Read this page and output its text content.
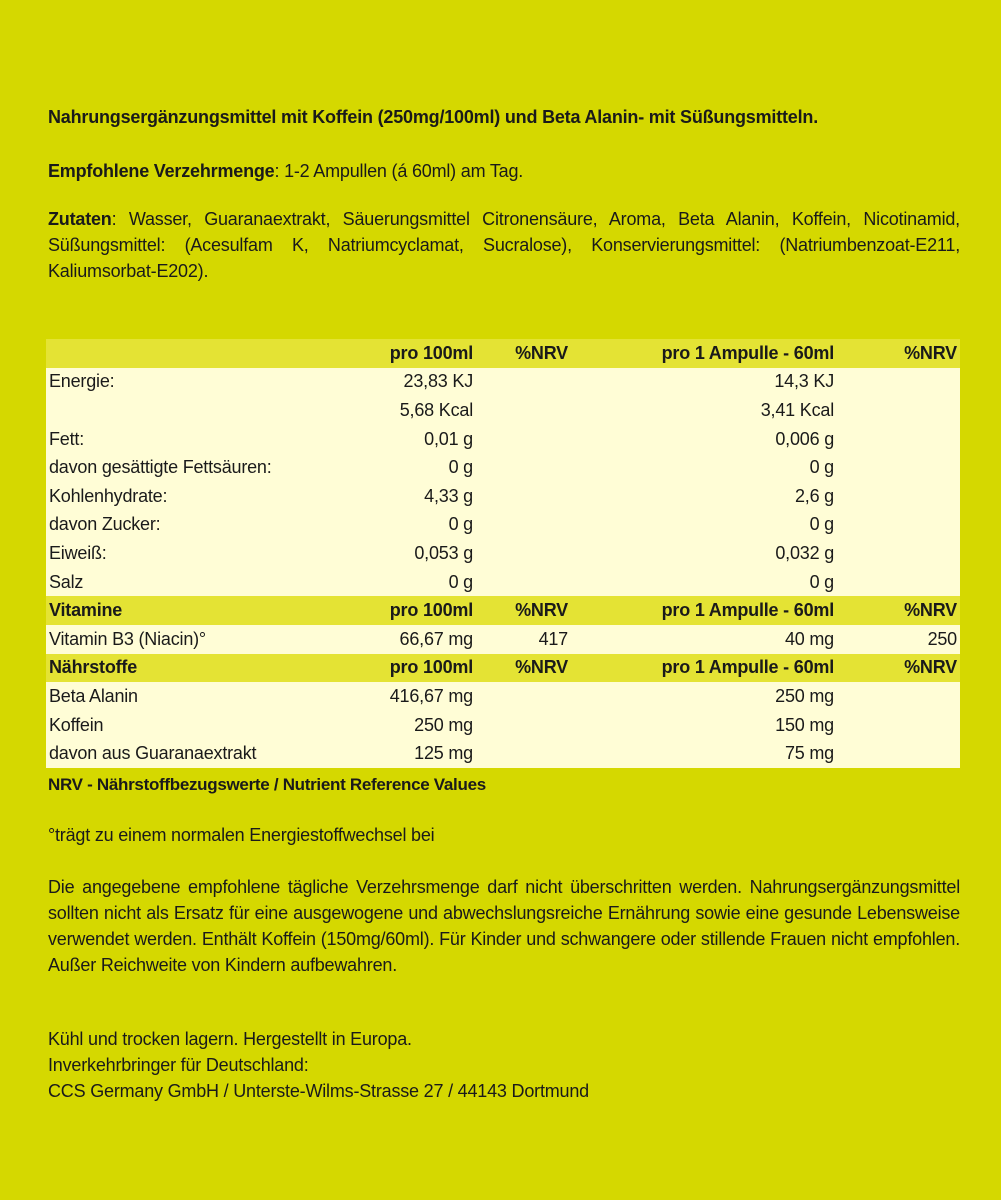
Nahrungsergänzungsmittel mit Koffein (250mg/100ml) und Beta Alanin- mit Süßungsmitteln.
Empfohlene Verzehrmenge: 1-2 Ampullen (á 60ml) am Tag.
Zutaten: Wasser, Guaranaextrakt, Säuerungsmittel Citronensäure, Aroma, Beta Alanin, Koffein, Nicotinamid, Süßungsmittel: (Acesulfam K, Natriumcyclamat, Sucralose), Konservierungsmittel: (Natriumbenzoat-E211, Kaliumsorbat-E202).
	pro 100ml	%NRV	pro 1 Ampulle - 60ml	%NRV
Energie:	23,83 KJ		14,3 KJ	
	5,68 Kcal		3,41 Kcal	
Fett:	0,01 g		0,006 g	
davon gesättigte Fettsäuren:	0 g		0 g	
Kohlenhydrate:	4,33 g		2,6 g	
davon Zucker:	0 g		0 g	
Eiweiß:	0,053 g		0,032 g	
Salz	0 g		0 g	
Vitamine	pro 100ml	%NRV	pro 1 Ampulle - 60ml	%NRV
Vitamin B3 (Niacin)°	66,67 mg	417	40 mg	250
Nährstoffe	pro 100ml	%NRV	pro 1 Ampulle - 60ml	%NRV
Beta Alanin	416,67 mg		250 mg	
Koffein	250 mg		150 mg	
davon aus Guaranaextrakt	125 mg		75 mg	
NRV - Nährstoffbezugswerte / Nutrient Reference Values
°trägt zu einem normalen Energiestoffwechsel bei
Die angegebene empfohlene tägliche Verzehrsmenge darf nicht überschritten werden. Nahrungsergänzungsmittel sollten nicht als Ersatz für eine ausgewogene und abwechslungsreiche Ernährung sowie eine gesunde Lebensweise verwendet werden. Enthält Koffein (150mg/60ml). Für Kinder und schwangere oder stillende Frauen nicht empfohlen. Außer Reichweite von Kindern aufbewahren.
Kühl und trocken lagern. Hergestellt in Europa.
Inverkehrbringer für Deutschland:
CCS Germany GmbH / Unterste-Wilms-Strasse 27 / 44143 Dortmund
